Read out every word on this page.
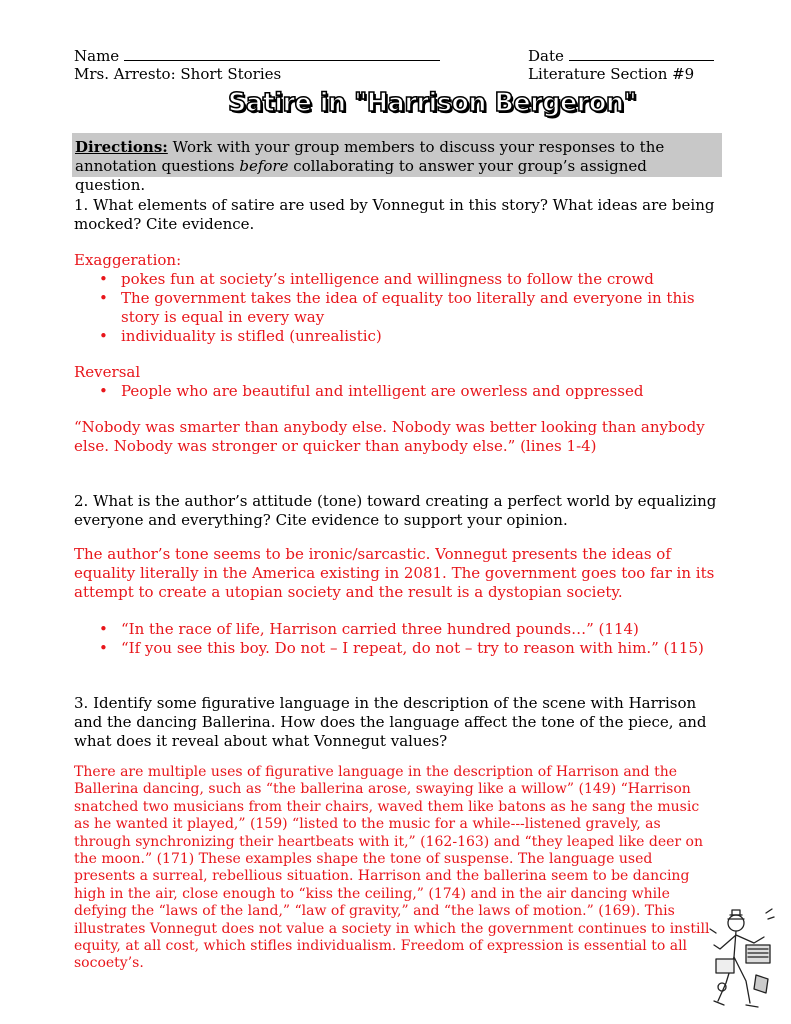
Name
Mrs. Arresto: Short Stories
Date
Literature Section #9
Satire in "Harrison Bergeron"
Directions: Work with your group members to discuss your responses to the annotation questions before collaborating to answer your group’s assigned question.
1. What elements of satire are used by Vonnegut in this story? What ideas are being mocked? Cite evidence.
Exaggeration:
• pokes fun at society’s intelligence and willingness to follow the crowd
• The government takes the idea of equality too literally and everyone in this story is equal in every way
• individuality is stifled (unrealistic)
Reversal
• People who are beautiful and intelligent are owerless and oppressed
“Nobody was smarter than anybody else. Nobody was better looking than anybody else. Nobody was stronger or quicker than anybody else.” (lines 1-4)
2. What is the author’s attitude (tone) toward creating a perfect world by equalizing everyone and everything? Cite evidence to support your opinion.
The author’s tone seems to be ironic/sarcastic. Vonnegut presents the ideas of equality literally in the America existing in 2081. The government goes too far in its attempt to create a utopian society and the result is a dystopian society.
• “In the race of life, Harrison carried three hundred pounds…” (114)
• “If you see this boy. Do not – I repeat, do not – try to reason with him.” (115)
3. Identify some figurative language in the description of the scene with Harrison and the dancing Ballerina. How does the language affect the tone of the piece, and what does it reveal about what Vonnegut values?
There are multiple uses of figurative language in the description of Harrison and the Ballerina dancing, such as “the ballerina arose, swaying like a willow” (149) “Harrison snatched two musicians from their chairs, waved them like batons as he sang the music as he wanted it played,” (159) “listed to the music for a while---listened gravely, as through synchronizing their heartbeats with it,” (162-163) and “they leaped like deer on the moon.” (171) These examples shape the tone of suspense. The language used presents a surreal, rebellious situation. Harrison and the ballerina seem to be dancing high in the air, close enough to “kiss the ceiling,” (174) and in the air dancing while defying the “laws of the land,” “law of gravity,” and “the laws of motion.” (169). This illustrates Vonnegut does not value a society in which the government continues to instill equity, at all cost, which stifles individualism. Freedom of expression is essential to all socoety’s.
